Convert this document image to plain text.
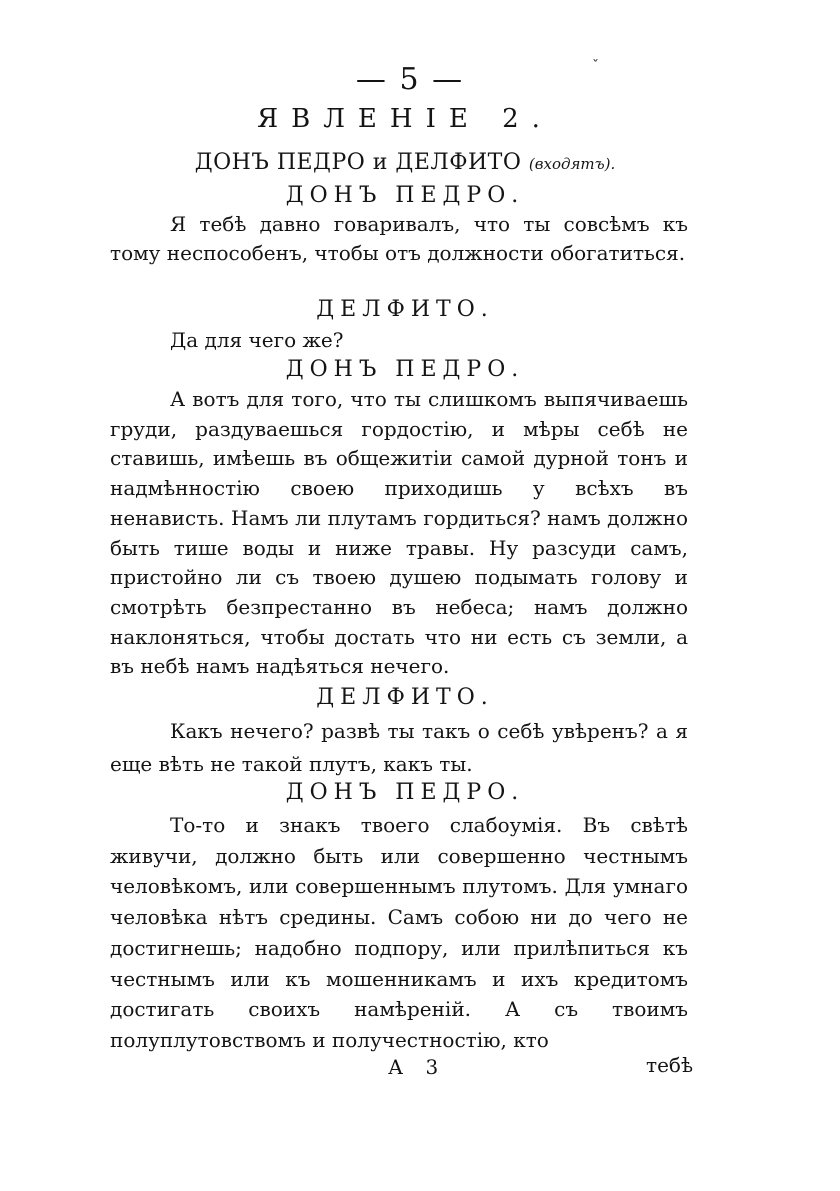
— 5 —	ˇ
ЯВЛЕНІЕ 2.
ДОНЪ ПЕДРО и ДЕЛФИТО (входятъ).
ДОНЪ ПЕДРО.

Я тебѣ давно говаривалъ, что ты совсѣмъ къ тому неспособенъ, чтобы отъ должности обогатиться.

ДЕЛФИТО.

Да для чего же?

ДОНЪ ПЕДРО.

А вотъ для того, что ты слишкомъ выпячиваешь груди, раздуваешься гордостію, и мѣры себѣ не ставишь, имѣешь въ общежитіи самой дурной тонъ и надмѣнностію своею приходишь у всѣхъ въ ненависть. Намъ ли плутамъ гордиться? намъ должно быть тише воды и ниже травы. Ну разсуди самъ, пристойно ли съ твоею душею подымать голову и смотрѣть безпрестанно въ небеса; намъ должно наклоняться, чтобы достать что ни есть съ земли, а въ небѣ намъ надѣяться нечего.

ДЕЛФИТО.

Какъ нечего? развѣ ты такъ о себѣ увѣренъ? а я еще вѣть не такой плутъ, какъ ты.

ДОНЪ ПЕДРО.

То-то и знакъ твоего слабоумія. Въ свѣтѣ живучи, должно быть или совершенно честнымъ человѣкомъ, или совершеннымъ плутомъ. Для умнаго человѣка нѣтъ средины. Самъ собою ни до чего не достигнешь; надобно подпору, или прилѣпиться къ честнымъ или къ мошенникамъ и ихъ кредитомъ достигать своихъ намѣреній. А съ твоимъ полуплутовствомъ и получестностію, кто

А 3	тебѣ
